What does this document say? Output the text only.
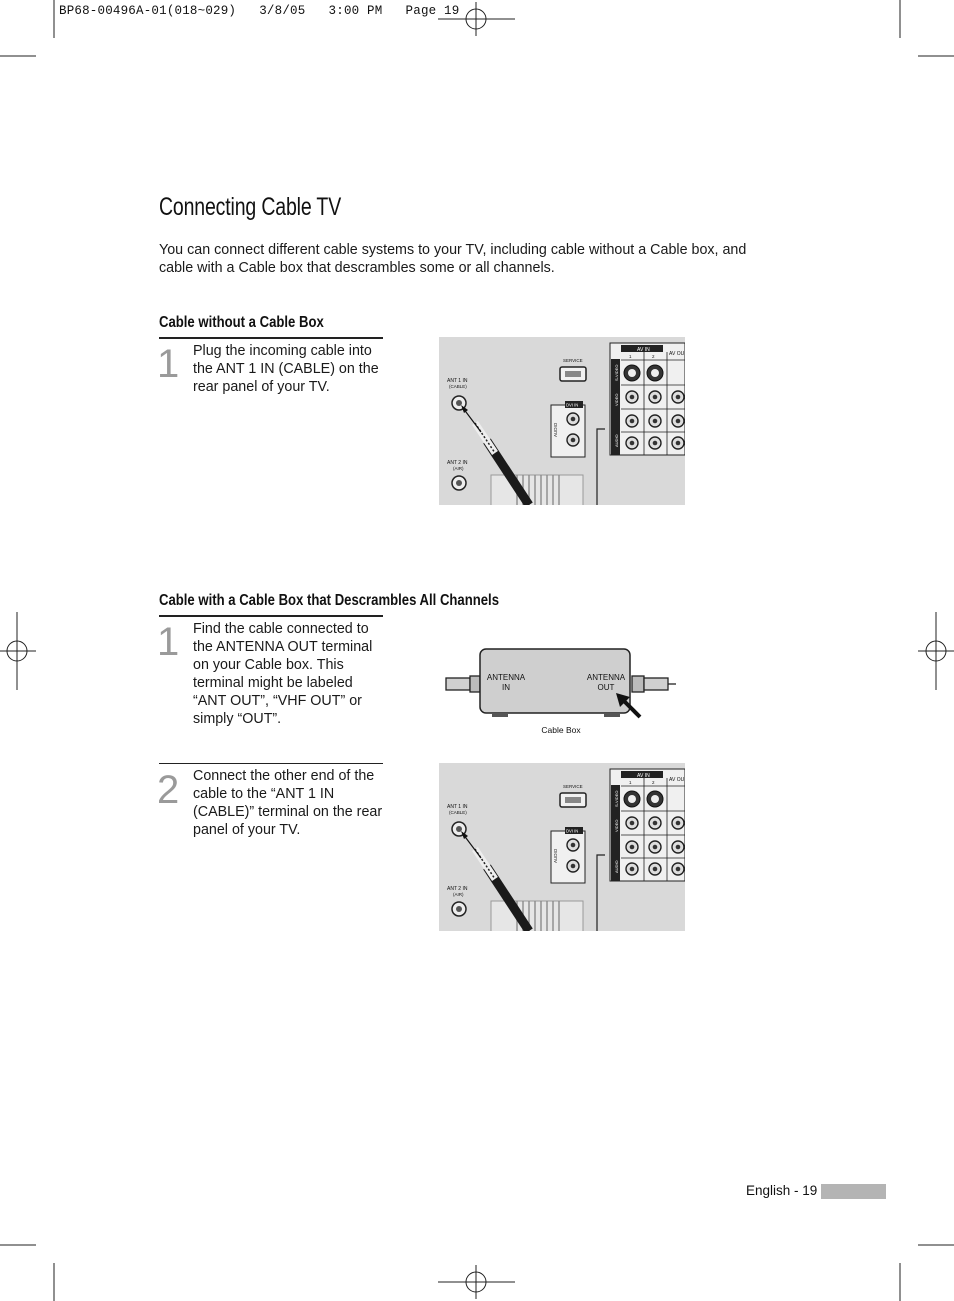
BP68-00496A-01(018~029)   3/8/05   3:00 PM   Page 19
Connecting Cable TV
You can connect different cable systems to your TV, including cable without a Cable box, and cable with a Cable box that descrambles some or all channels.
Cable without a Cable Box
1 Plug the incoming cable into the ANT 1 IN (CABLE) on the rear panel of your TV.
Cable with a Cable Box that Descrambles All Channels
1 Find the cable connected to the ANTENNA OUT terminal on your Cable box. This terminal might be labeled “ANT OUT”, “VHF OUT” or simply “OUT”.
2 Connect the other end of the cable to the “ANT 1 IN (CABLE)” terminal on the rear panel of your TV.
ANT 1 IN
(CABLE)
ANT 2 IN
(AIR)
SERVICE
DVI IN
AUDIO
AV IN
AV OU
1	2
S-VIDEO
VIDEO
AUDIO
ANT 1 IN
(CABLE)
ANT 2 IN
(AIR)
SERVICE
DVI IN
AUDIO
AV IN
AV OU
1	2
S-VIDEO
VIDEO
AUDIO
ANTENNA
IN
ANTENNA
OUT
Cable Box
English - 19
